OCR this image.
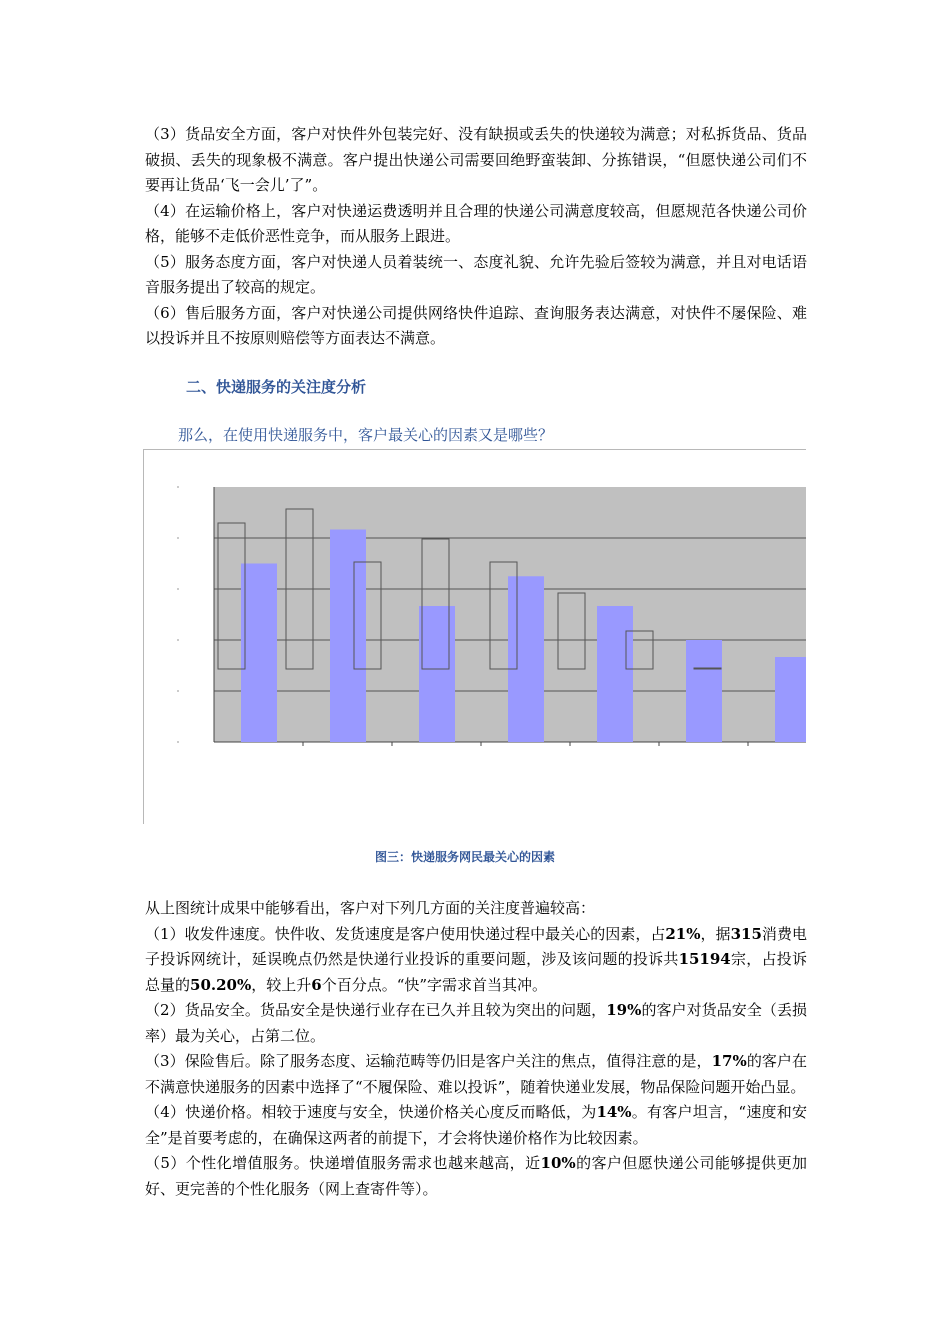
（3）货品安全方面，客户对快件外包装完好、没有缺损或丢失的快递较为满意；对私拆货品、货品破损、丢失的现象极不满意。客户提出快递公司需要回绝野蛮装卸、分拣错误，“但愿快递公司们不要再让货品‘飞一会儿’了”。

（4）在运输价格上，客户对快递运费透明并且合理的快递公司满意度较高，但愿规范各快递公司价格，能够不走低价恶性竞争，而从服务上跟进。

（5）服务态度方面，客户对快递人员着装统一、态度礼貌、允许先验后签较为满意，并且对电话语音服务提出了较高的规定。

（6）售后服务方面，客户对快递公司提供网络快件追踪、查询服务表达满意，对快件不屡保险、难以投诉并且不按原则赔偿等方面表达不满意。

二、快递服务的关注度分析
那么，在使用快递服务中，客户最关心的因素又是哪些？
图三：快递服务网民最关心的因素

从上图统计成果中能够看出，客户对下列几方面的关注度普遍较高：

（1）收发件速度。快件收、发货速度是客户使用快递过程中最关心的因素，占21%，据315消费电子投诉网统计，延误晚点仍然是快递行业投诉的重要问题，涉及该问题的投诉共15194宗，占投诉总量的50.20%，较上升6个百分点。“快”字需求首当其冲。

（2）货品安全。货品安全是快递行业存在已久并且较为突出的问题，19%的客户对货品安全（丢损率）最为关心，占第二位。

（3）保险售后。除了服务态度、运输范畴等仍旧是客户关注的焦点，值得注意的是，17%的客户在不满意快递服务的因素中选择了“不履保险、难以投诉”，随着快递业发展，物品保险问题开始凸显。

（4）快递价格。相较于速度与安全，快递价格关心度反而略低，为14%。有客户坦言，“速度和安全”是首要考虑的，在确保这两者的前提下，才会将快递价格作为比较因素。

（5）个性化增值服务。快递增值服务需求也越来越高，近10%的客户但愿快递公司能够提供更加好、更完善的个性化服务（网上查寄件等）。
